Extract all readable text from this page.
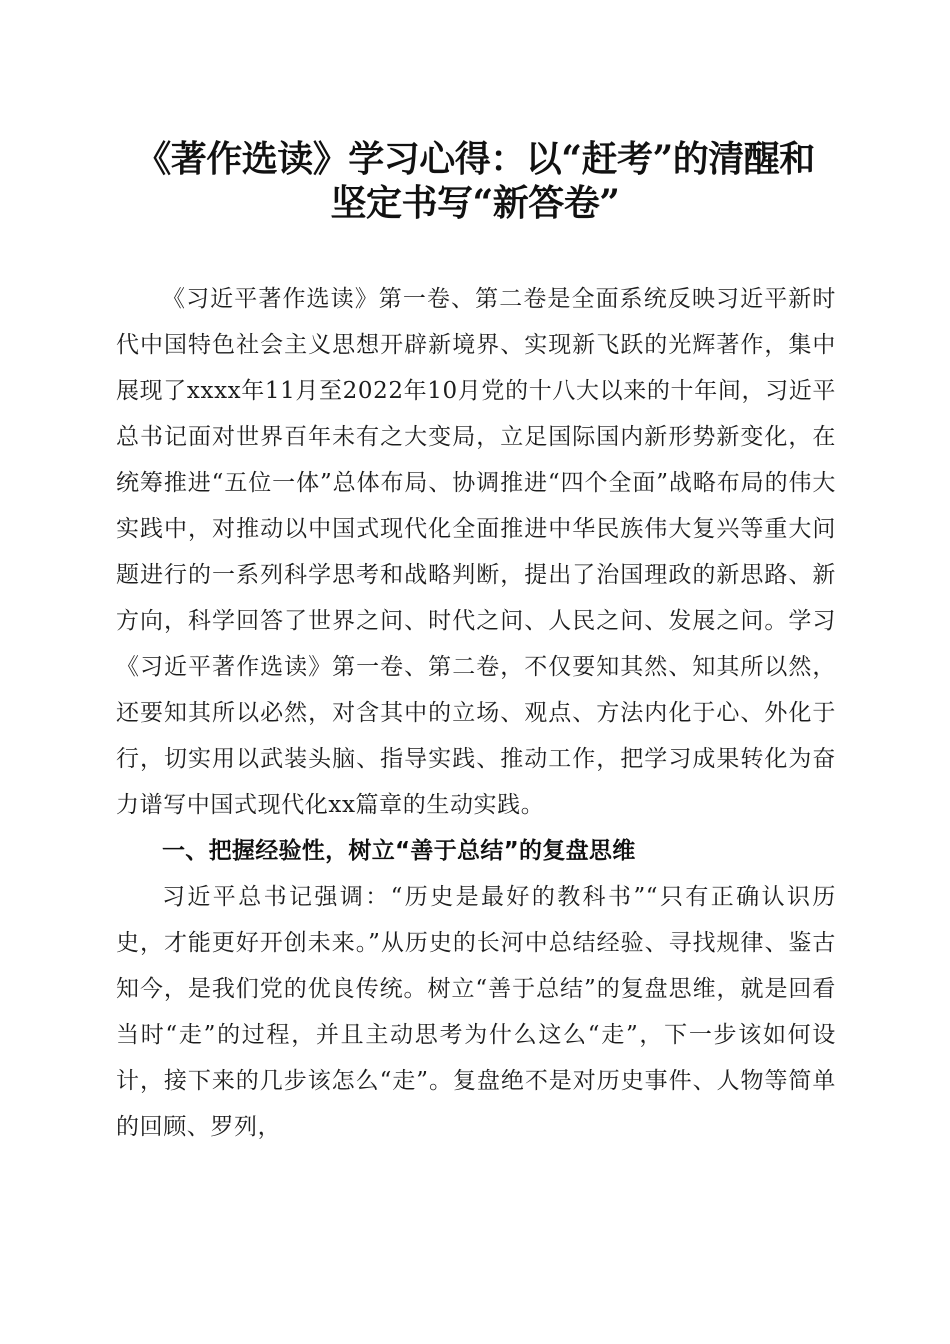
《著作选读》学习心得：以“赶考”的清醒和
坚定书写“新答卷”

《习近平著作选读》第一卷、第二卷是全面系统反映习近平新时代中国特色社会主义思想开辟新境界、实现新飞跃的光辉著作，集中展现了xxxx年11月至2022年10月党的十八大以来的十年间，习近平总书记面对世界百年未有之大变局，立足国际国内新形势新变化，在统筹推进“五位一体”总体布局、协调推进“四个全面”战略布局的伟大实践中，对推动以中国式现代化全面推进中华民族伟大复兴等重大问题进行的一系列科学思考和战略判断，提出了治国理政的新思路、新方向，科学回答了世界之问、时代之问、人民之问、发展之问。学习《习近平著作选读》第一卷、第二卷，不仅要知其然、知其所以然，还要知其所以必然，对含其中的立场、观点、方法内化于心、外化于行，切实用以武装头脑、指导实践、推动工作，把学习成果转化为奋力谱写中国式现代化xx篇章的生动实践。

一、把握经验性，树立“善于总结”的复盘思维

习近平总书记强调：“历史是最好的教科书”“只有正确认识历史，才能更好开创未来。”从历史的长河中总结经验、寻找规律、鉴古知今，是我们党的优良传统。树立“善于总结”的复盘思维，就是回看当时“走”的过程，并且主动思考为什么这么“走”，下一步该如何设计，接下来的几步该怎么“走”。复盘绝不是对历史事件、人物等简单的回顾、罗列，
